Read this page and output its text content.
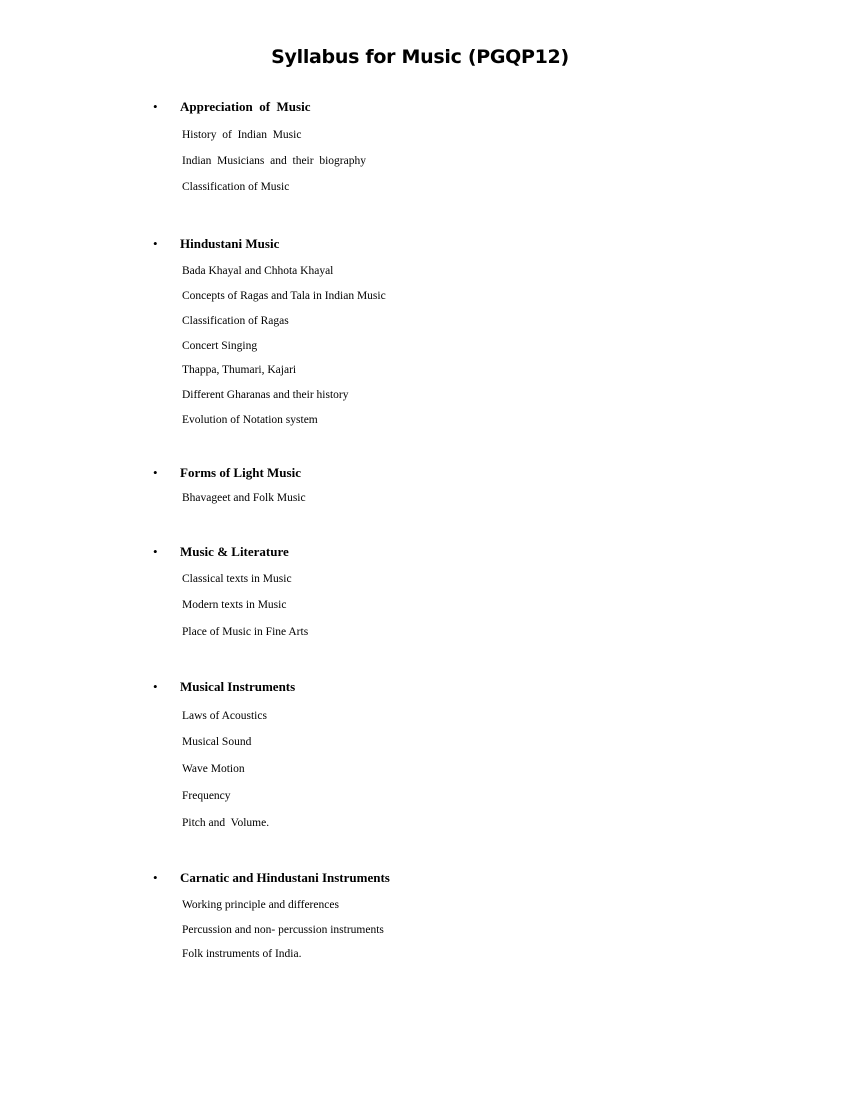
Syllabus for Music (PGQP12)
• Appreciation  of  Music
History  of  Indian  Music
Indian  Musicians  and  their  biography
Classification of Music
• Hindustani Music
Bada Khayal and Chhota Khayal
Concepts of Ragas and Tala in Indian Music
Classification of Ragas
Concert Singing
Thappa, Thumari, Kajari
Different Gharanas and their history
Evolution of Notation system
• Forms of Light Music
Bhavageet and Folk Music
• Music & Literature
Classical texts in Music
Modern texts in Music
Place of Music in Fine Arts
• Musical Instruments
Laws of Acoustics
Musical Sound
Wave Motion
Frequency
Pitch and  Volume.
• Carnatic and Hindustani Instruments
Working principle and differences
Percussion and non- percussion instruments
Folk instruments of India.
